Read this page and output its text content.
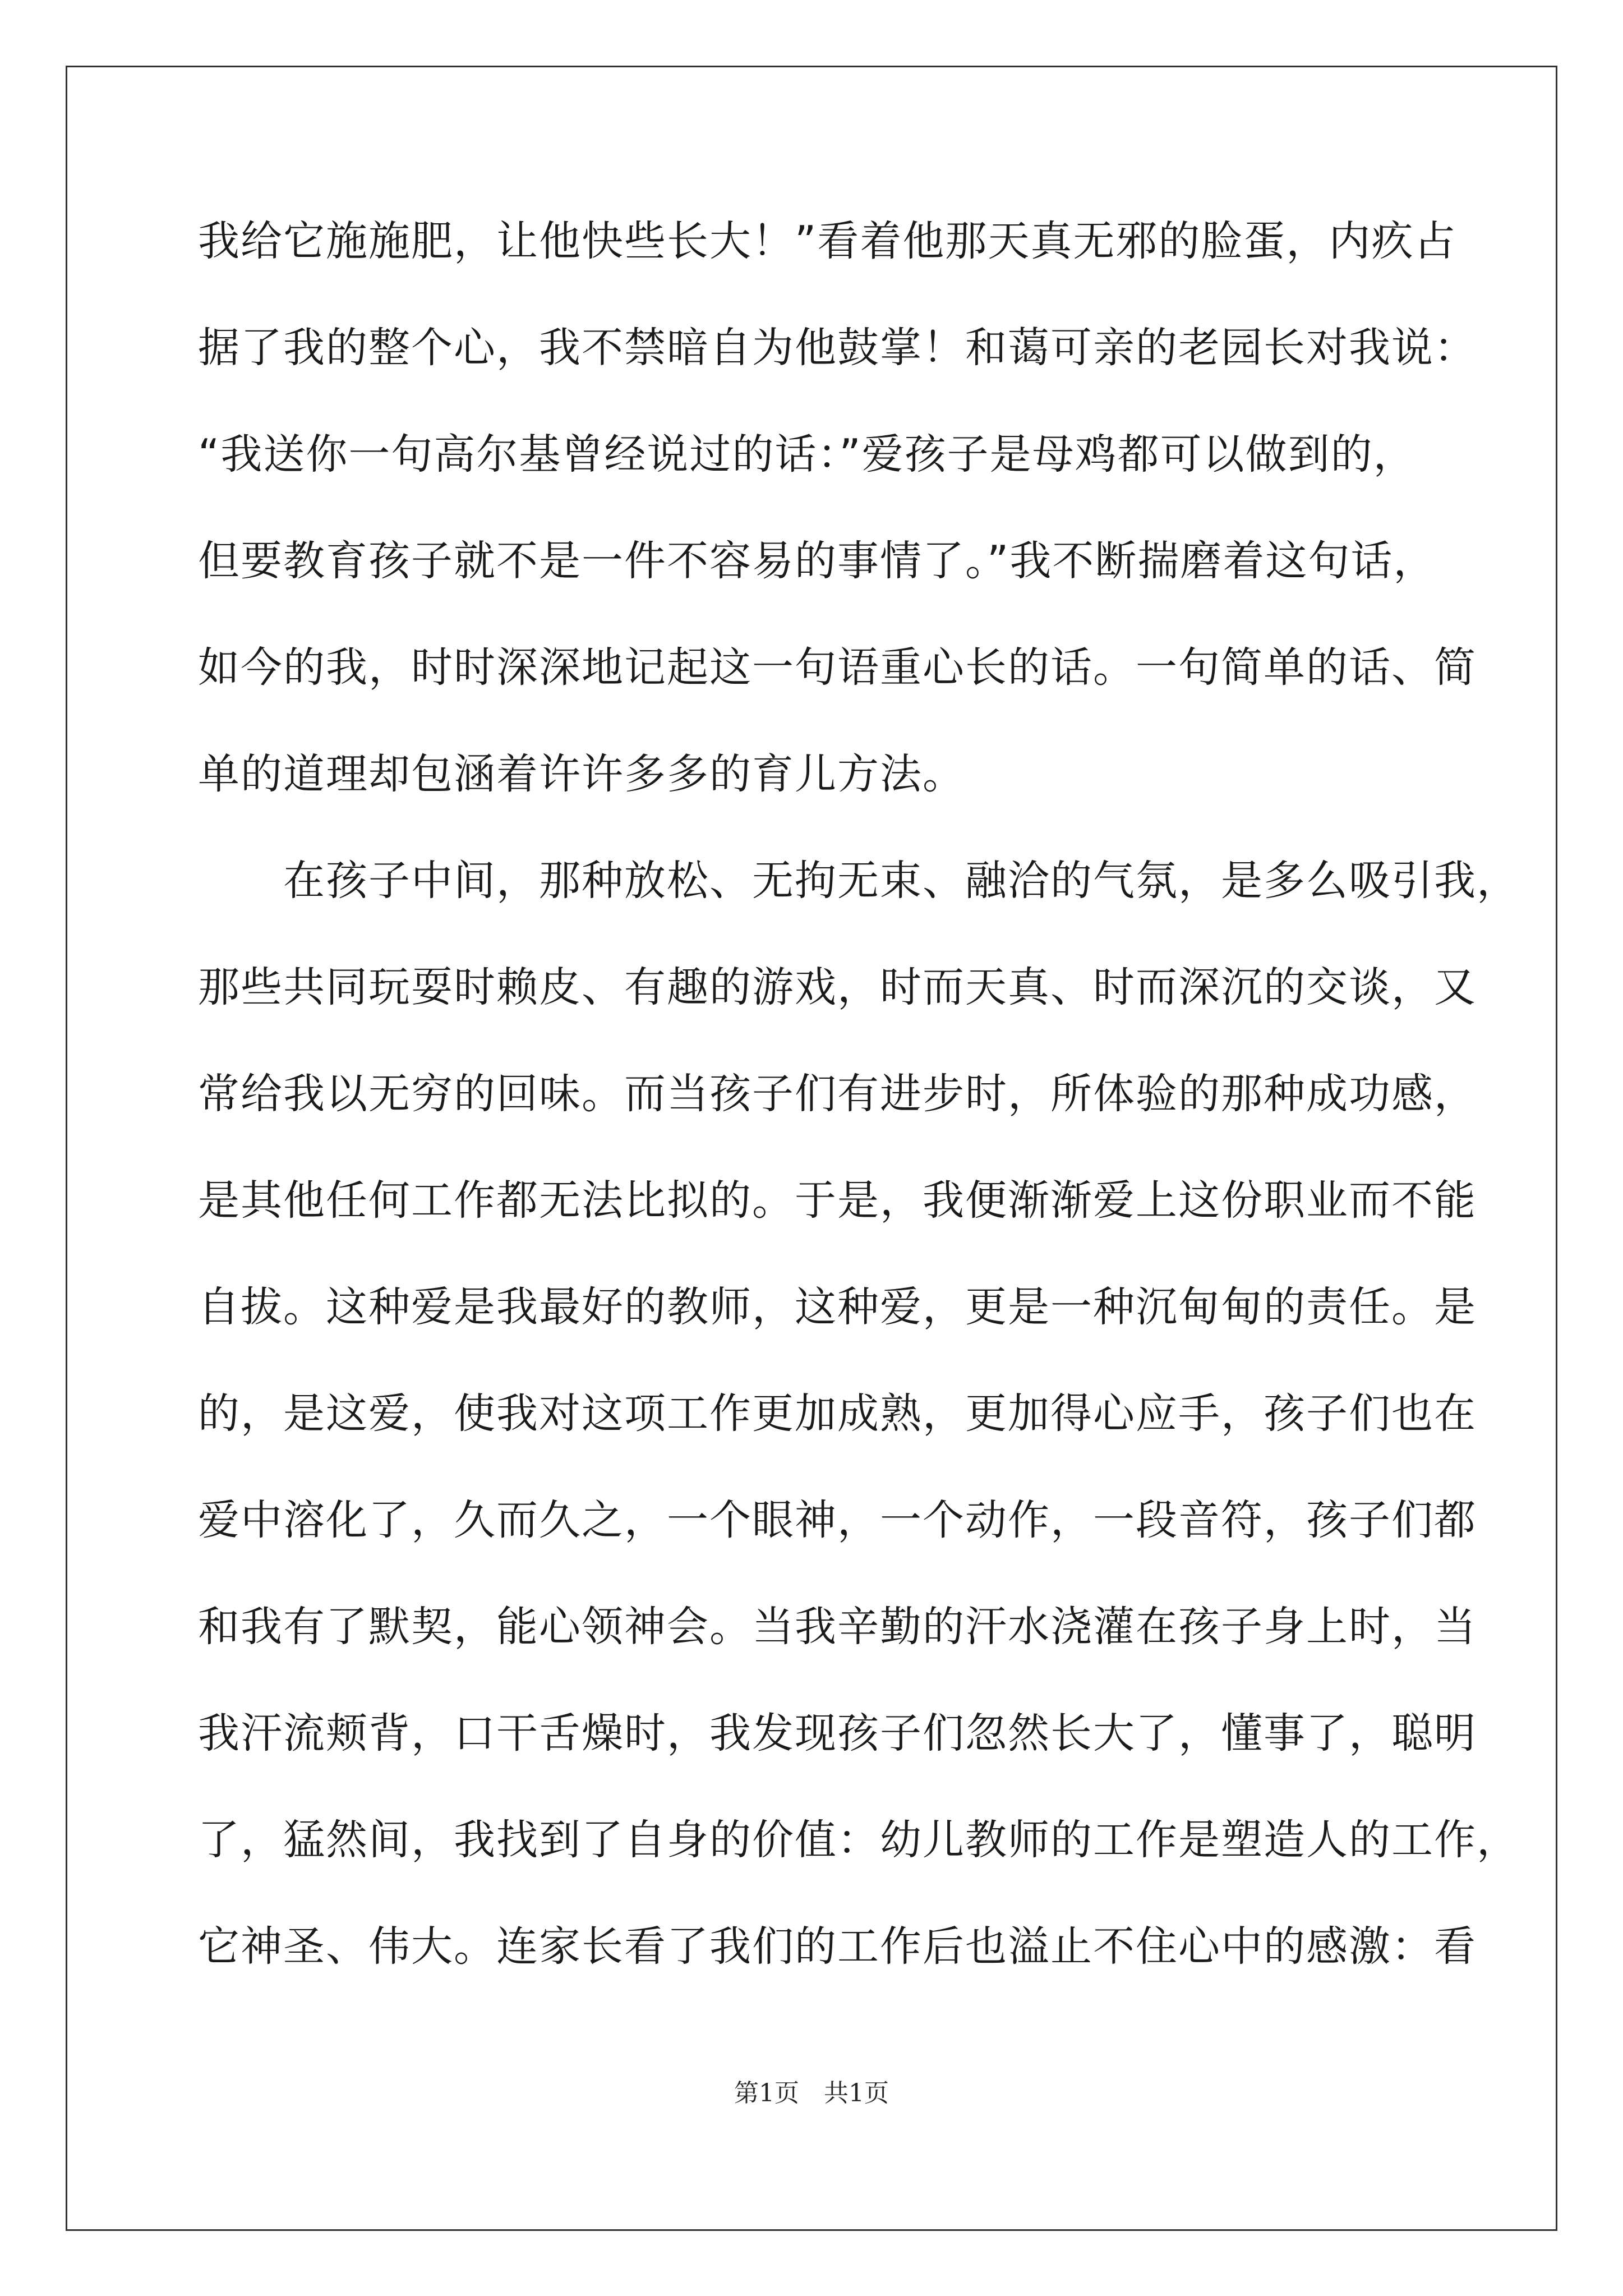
我给它施施肥，让他快些长大！”看着他那天真无邪的脸蛋，内疚占
据了我的整个心，我不禁暗自为他鼓掌！和蔼可亲的老园长对我说：
“我送你一句高尔基曾经说过的话：”爱孩子是母鸡都可以做到的，
但要教育孩子就不是一件不容易的事情了。”我不断揣磨着这句话，
如今的我，时时深深地记起这一句语重心长的话。一句简单的话、简
单的道理却包涵着许许多多的育儿方法。
　　在孩子中间，那种放松、无拘无束、融洽的气氛，是多么吸引我，
那些共同玩耍时赖皮、有趣的游戏，时而天真、时而深沉的交谈，又
常给我以无穷的回味。而当孩子们有进步时，所体验的那种成功感，
是其他任何工作都无法比拟的。于是，我便渐渐爱上这份职业而不能
自拔。这种爱是我最好的教师，这种爱，更是一种沉甸甸的责任。是
的，是这爱，使我对这项工作更加成熟，更加得心应手，孩子们也在
爱中溶化了，久而久之，一个眼神，一个动作，一段音符，孩子们都
和我有了默契，能心领神会。当我辛勤的汗水浇灌在孩子身上时，当
我汗流颊背，口干舌燥时，我发现孩子们忽然长大了，懂事了，聪明
了，猛然间，我找到了自身的价值：幼儿教师的工作是塑造人的工作，
它神圣、伟大。连家长看了我们的工作后也溢止不住心中的感激：看
第1页　共1页
